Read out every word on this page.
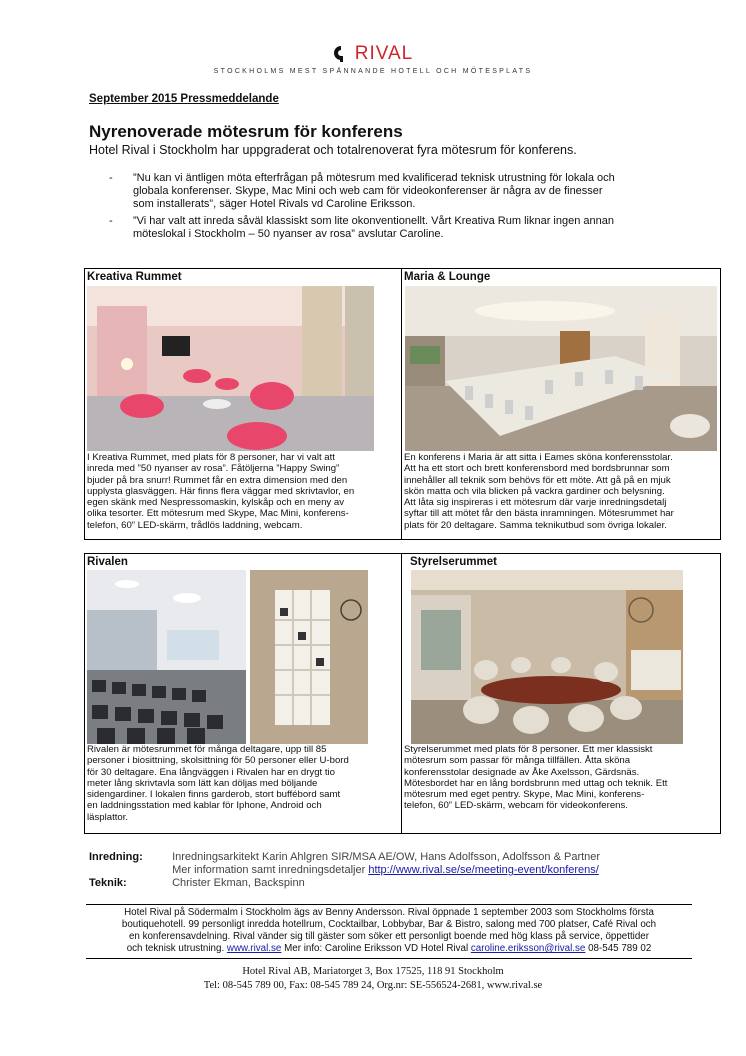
RIVAL
STOCKHOLMS MEST SPÄNNANDE HOTELL OCH MÖTESPLATS
September 2015 Pressmeddelande
Nyrenoverade mötesrum för konferens
Hotel Rival i Stockholm har uppgraderat och totalrenoverat fyra mötesrum för konferens.
- ”Nu kan vi äntligen möta efterfrågan på mötesrum med kvalificerad teknisk utrustning för lokala och
globala konferenser. Skype, Mac Mini och web cam för videokonferenser är några av de finesser
som installerats”, säger Hotel Rivals vd Caroline Eriksson.
- ”Vi har valt att inreda såväl klassiskt som lite okonventionellt. Vårt Kreativa Rum liknar ingen annan
möteslokal i Stockholm – 50 nyanser av rosa” avslutar Caroline.
Kreativa Rummet
I Kreativa Rummet, med plats för 8 personer, har vi valt att
inreda med ”50 nyanser av rosa”. Fåtöljerna ”Happy Swing”
bjuder på bra snurr! Rummet får en extra dimension med den
upplysta glasväggen. Här finns flera väggar med skrivtavlor, en
egen skänk med Nespressomaskin, kylskåp och en meny av
olika tesorter. Ett mötesrum med Skype, Mac Mini, konferens-
telefon, 60” LED-skärm, trådlös laddning, webcam.
Maria & Lounge
En konferens i Maria är att sitta i Eames sköna konferensstolar.
Att ha ett stort och brett konferensbord med bordsbrunnar som
innehåller all teknik som behövs för ett möte. Att gå på en mjuk
skön matta och vila blicken på vackra gardiner och belysning.
Att låta sig inspireras i ett mötesrum där varje inredningsdetalj
syftar till att mötet får den bästa inramningen. Mötesrummet har
plats för 20 deltagare. Samma teknikutbud som övriga lokaler.
Rivalen
Rivalen är mötesrummet för många deltagare, upp till 85
personer i biosittning, skolsittning för 50 personer eller U-bord
för 30 deltagare. Ena långväggen i Rivalen har en drygt tio
meter lång skrivtavla som lätt kan döljas med böljande
sidengardiner. I lokalen finns garderob, stort buffébord samt
en laddningsstation med kablar för Iphone, Android och
läsplattor.
Styrelserummet
Styrelserummet med plats för 8 personer. Ett mer klassiskt
mötesrum som passar för många tillfällen. Åtta sköna
konferensstolar designade av Åke Axelsson, Gärdsnäs.
Mötesbordet har en lång bordsbrunn med uttag och teknik. Ett
mötesrum med eget pentry. Skype, Mac Mini, konferens-
telefon, 60” LED-skärm, webcam för videokonferens.
Inredning:	Inredningsarkitekt Karin Ahlgren SIR/MSA AE/OW, Hans Adolfsson, Adolfsson & Partner
Mer information samt inredningsdetaljer http://www.rival.se/se/meeting-event/konferens/
Teknik:	Christer Ekman, Backspinn
Hotel Rival på Södermalm i Stockholm ägs av Benny Andersson. Rival öppnade 1 september 2003 som Stockholms första
boutiquehotell. 99 personligt inredda hotellrum, Cocktailbar, Lobbybar, Bar & Bistro, salong med 700 platser, Café Rival och
en konferensavdelning. Rival vänder sig till gäster som söker ett personligt boende med hög klass på service, öppettider
och teknisk utrustning. www.rival.se Mer info: Caroline Eriksson VD Hotel Rival caroline.eriksson@rival.se 08-545 789 02
Hotel Rival AB, Mariatorget 3, Box 17525, 118 91 Stockholm
Tel: 08-545 789 00, Fax: 08-545 789 24, Org.nr: SE-556524-2681, www.rival.se
